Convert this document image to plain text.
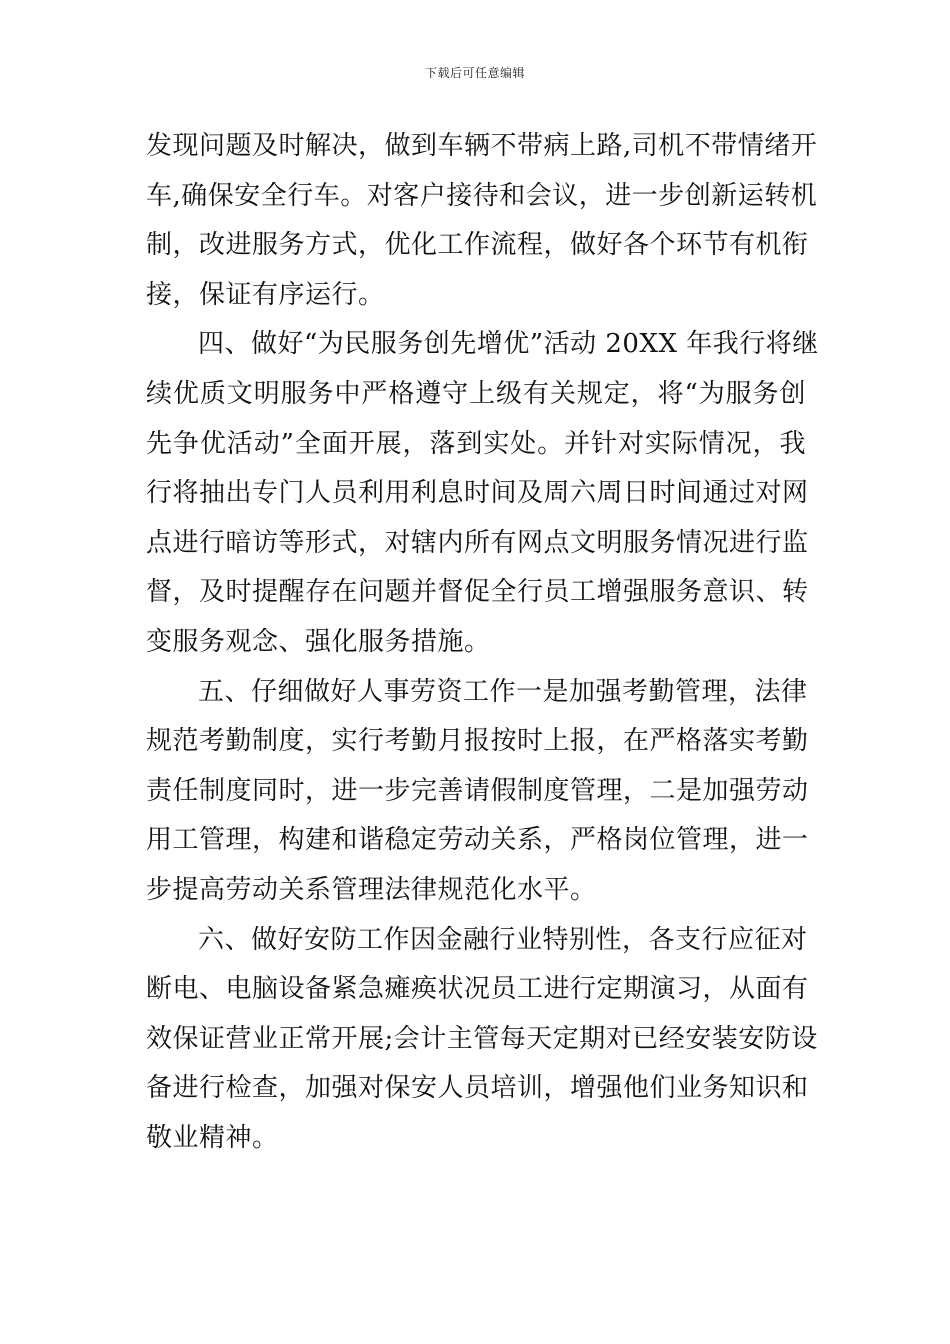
下载后可任意编辑
发现问题及时解决，做到车辆不带病上路,司机不带情绪开
车,确保安全行车。对客户接待和会议，进一步创新运转机
制，改进服务方式，优化工作流程，做好各个环节有机衔
接，保证有序运行。
四、做好“为民服务创先增优”活动 20XX 年我行将继
续优质文明服务中严格遵守上级有关规定，将“为服务创
先争优活动”全面开展，落到实处。并针对实际情况，我
行将抽出专门人员利用利息时间及周六周日时间通过对网
点进行暗访等形式，对辖内所有网点文明服务情况进行监
督，及时提醒存在问题并督促全行员工增强服务意识、转
变服务观念、强化服务措施。
五、仔细做好人事劳资工作一是加强考勤管理，法律
规范考勤制度，实行考勤月报按时上报，在严格落实考勤
责任制度同时，进一步完善请假制度管理，二是加强劳动
用工管理，构建和谐稳定劳动关系，严格岗位管理，进一
步提高劳动关系管理法律规范化水平。
六、做好安防工作因金融行业特别性，各支行应征对
断电、电脑设备紧急瘫痪状况员工进行定期演习，从面有
效保证营业正常开展;会计主管每天定期对已经安装安防设
备进行检查，加强对保安人员培训，增强他们业务知识和
敬业精神。
